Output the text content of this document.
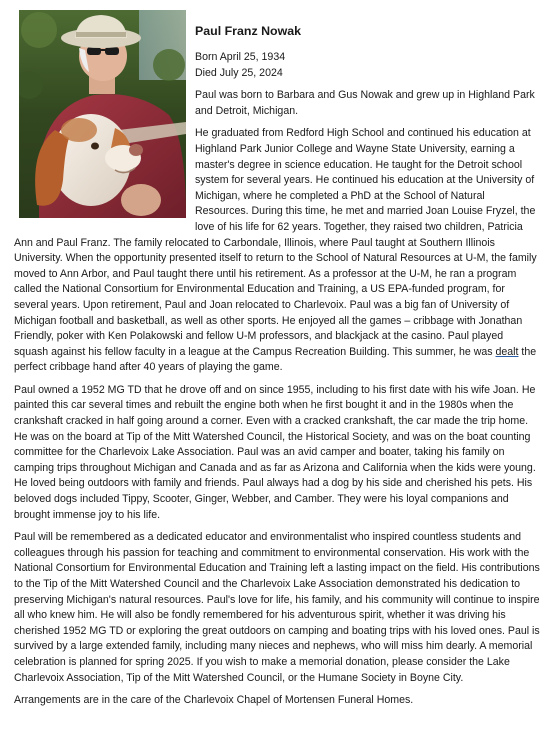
Paul Franz Nowak
Born April 25, 1934
Died July 25, 2024

Paul was born to Barbara and Gus Nowak and grew up in Highland Park and Detroit, Michigan.

He graduated from Redford High School and continued his education at Highland Park Junior College and Wayne State University, earning a master's degree in science education. He taught for the Detroit school system for several years. He continued his education at the University of Michigan, where he completed a PhD at the School of Natural Resources. During this time, he met and married Joan Louise Fryzel, the love of his life for 62 years. Together, they raised two children, Patricia Ann and Paul Franz. The family relocated to Carbondale, Illinois, where Paul taught at Southern Illinois University. When the opportunity presented itself to return to the School of Natural Resources at U-M, the family moved to Ann Arbor, and Paul taught there until his retirement. As a professor at the U-M, he ran a program called the National Consortium for Environmental Education and Training, a US EPA-funded program, for several years. Upon retirement, Paul and Joan relocated to Charlevoix. Paul was a big fan of University of Michigan football and basketball, as well as other sports. He enjoyed all the games – cribbage with Jonathan Friendly, poker with Ken Polakowski and fellow U-M professors, and blackjack at the casino. Paul played squash against his fellow faculty in a league at the Campus Recreation Building. This summer, he was dealt the perfect cribbage hand after 40 years of playing the game.

Paul owned a 1952 MG TD that he drove off and on since 1955, including to his first date with his wife Joan. He painted this car several times and rebuilt the engine both when he first bought it and in the 1980s when the crankshaft cracked in half going around a corner. Even with a cracked crankshaft, the car made the trip home. He was on the board at Tip of the Mitt Watershed Council, the Historical Society, and was on the boat counting committee for the Charlevoix Lake Association. Paul was an avid camper and boater, taking his family on camping trips throughout Michigan and Canada and as far as Arizona and California when the kids were young. He loved being outdoors with family and friends. Paul always had a dog by his side and cherished his pets. His beloved dogs included Tippy, Scooter, Ginger, Webber, and Camber. They were his loyal companions and brought immense joy to his life.

Paul will be remembered as a dedicated educator and environmentalist who inspired countless students and colleagues through his passion for teaching and commitment to environmental conservation. His work with the National Consortium for Environmental Education and Training left a lasting impact on the field. His contributions to the Tip of the Mitt Watershed Council and the Charlevoix Lake Association demonstrated his dedication to preserving Michigan's natural resources. Paul's love for life, his family, and his community will continue to inspire all who knew him. He will also be fondly remembered for his adventurous spirit, whether it was driving his cherished 1952 MG TD or exploring the great outdoors on camping and boating trips with his loved ones. Paul is survived by a large extended family, including many nieces and nephews, who will miss him dearly. A memorial celebration is planned for spring 2025. If you wish to make a memorial donation, please consider the Lake Charlevoix Association, Tip of the Mitt Watershed Council, or the Humane Society in Boyne City.

Arrangements are in the care of the Charlevoix Chapel of Mortensen Funeral Homes.
